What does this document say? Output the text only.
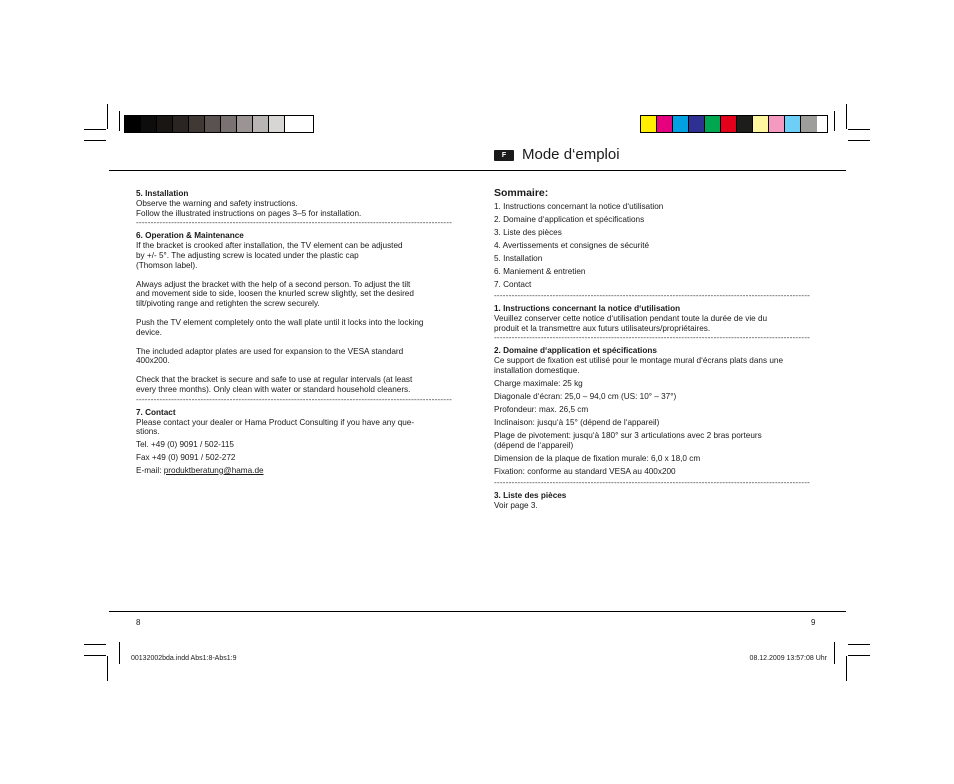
F	Mode d‘emploi

5. Installation

Observe the warning and safety instructions.

Follow the illustrated instructions on pages 3–5 for installation.

------------------------------------------------------------------------------------------------------------

6. Operation & Maintenance

If the bracket is crooked after installation, the TV element can be adjusted

by +/- 5°. The adjusting screw is located under the plastic cap

(Thomson label).

Always adjust the bracket with the help of a second person. To adjust the tilt

and movement side to side, loosen the knurled screw slightly, set the desired

tilt/pivoting range and retighten the screw securely.

Push the TV element completely onto the wall plate until it locks into the locking

device.

The included adaptor plates are used for expansion to the VESA standard

400x200.

Check that the bracket is secure and safe to use at regular intervals (at least

every three months). Only clean with water or standard household cleaners.

------------------------------------------------------------------------------------------------------------

7. Contact

Please contact your dealer or Hama Product Consulting if you have any que-

stions.

Tel. +49 (0) 9091 / 502-115

Fax +49 (0) 9091 / 502-272

E-mail: produktberatung@hama.de

Sommaire:

1. Instructions concernant la notice d‘utilisation

2. Domaine d‘application et spécifications

3. Liste des pièces

4. Avertissements et consignes de sécurité

5. Installation

6. Maniement & entretien

7. Contact

------------------------------------------------------------------------------------------------------------

1. Instructions concernant la notice d‘utilisation

Veuillez conserver cette notice d‘utilisation pendant toute la durée de vie du

produit et la transmettre aux futurs utilisateurs/propriétaires.

------------------------------------------------------------------------------------------------------------

2. Domaine d‘application et spécifications

Ce support de fixation est utilisé pour le montage mural d‘écrans plats dans une

installation domestique.

Charge maximale: 25 kg

Diagonale d‘écran: 25,0 – 94,0 cm (US: 10° – 37°)

Profondeur: max. 26,5 cm

Inclinaison: jusqu‘à 15° (dépend de l‘appareil)

Plage de pivotement: jusqu‘à 180° sur 3 articulations avec 2 bras porteurs

(dépend de l‘appareil)

Dimension de la plaque de fixation murale: 6,0 x 18,0 cm

Fixation: conforme au standard VESA au 400x200

------------------------------------------------------------------------------------------------------------

3. Liste des pièces

Voir page 3.

8	9
00132002bda.indd Abs1:8-Abs1:9	08.12.2009 13:57:08 Uhr
